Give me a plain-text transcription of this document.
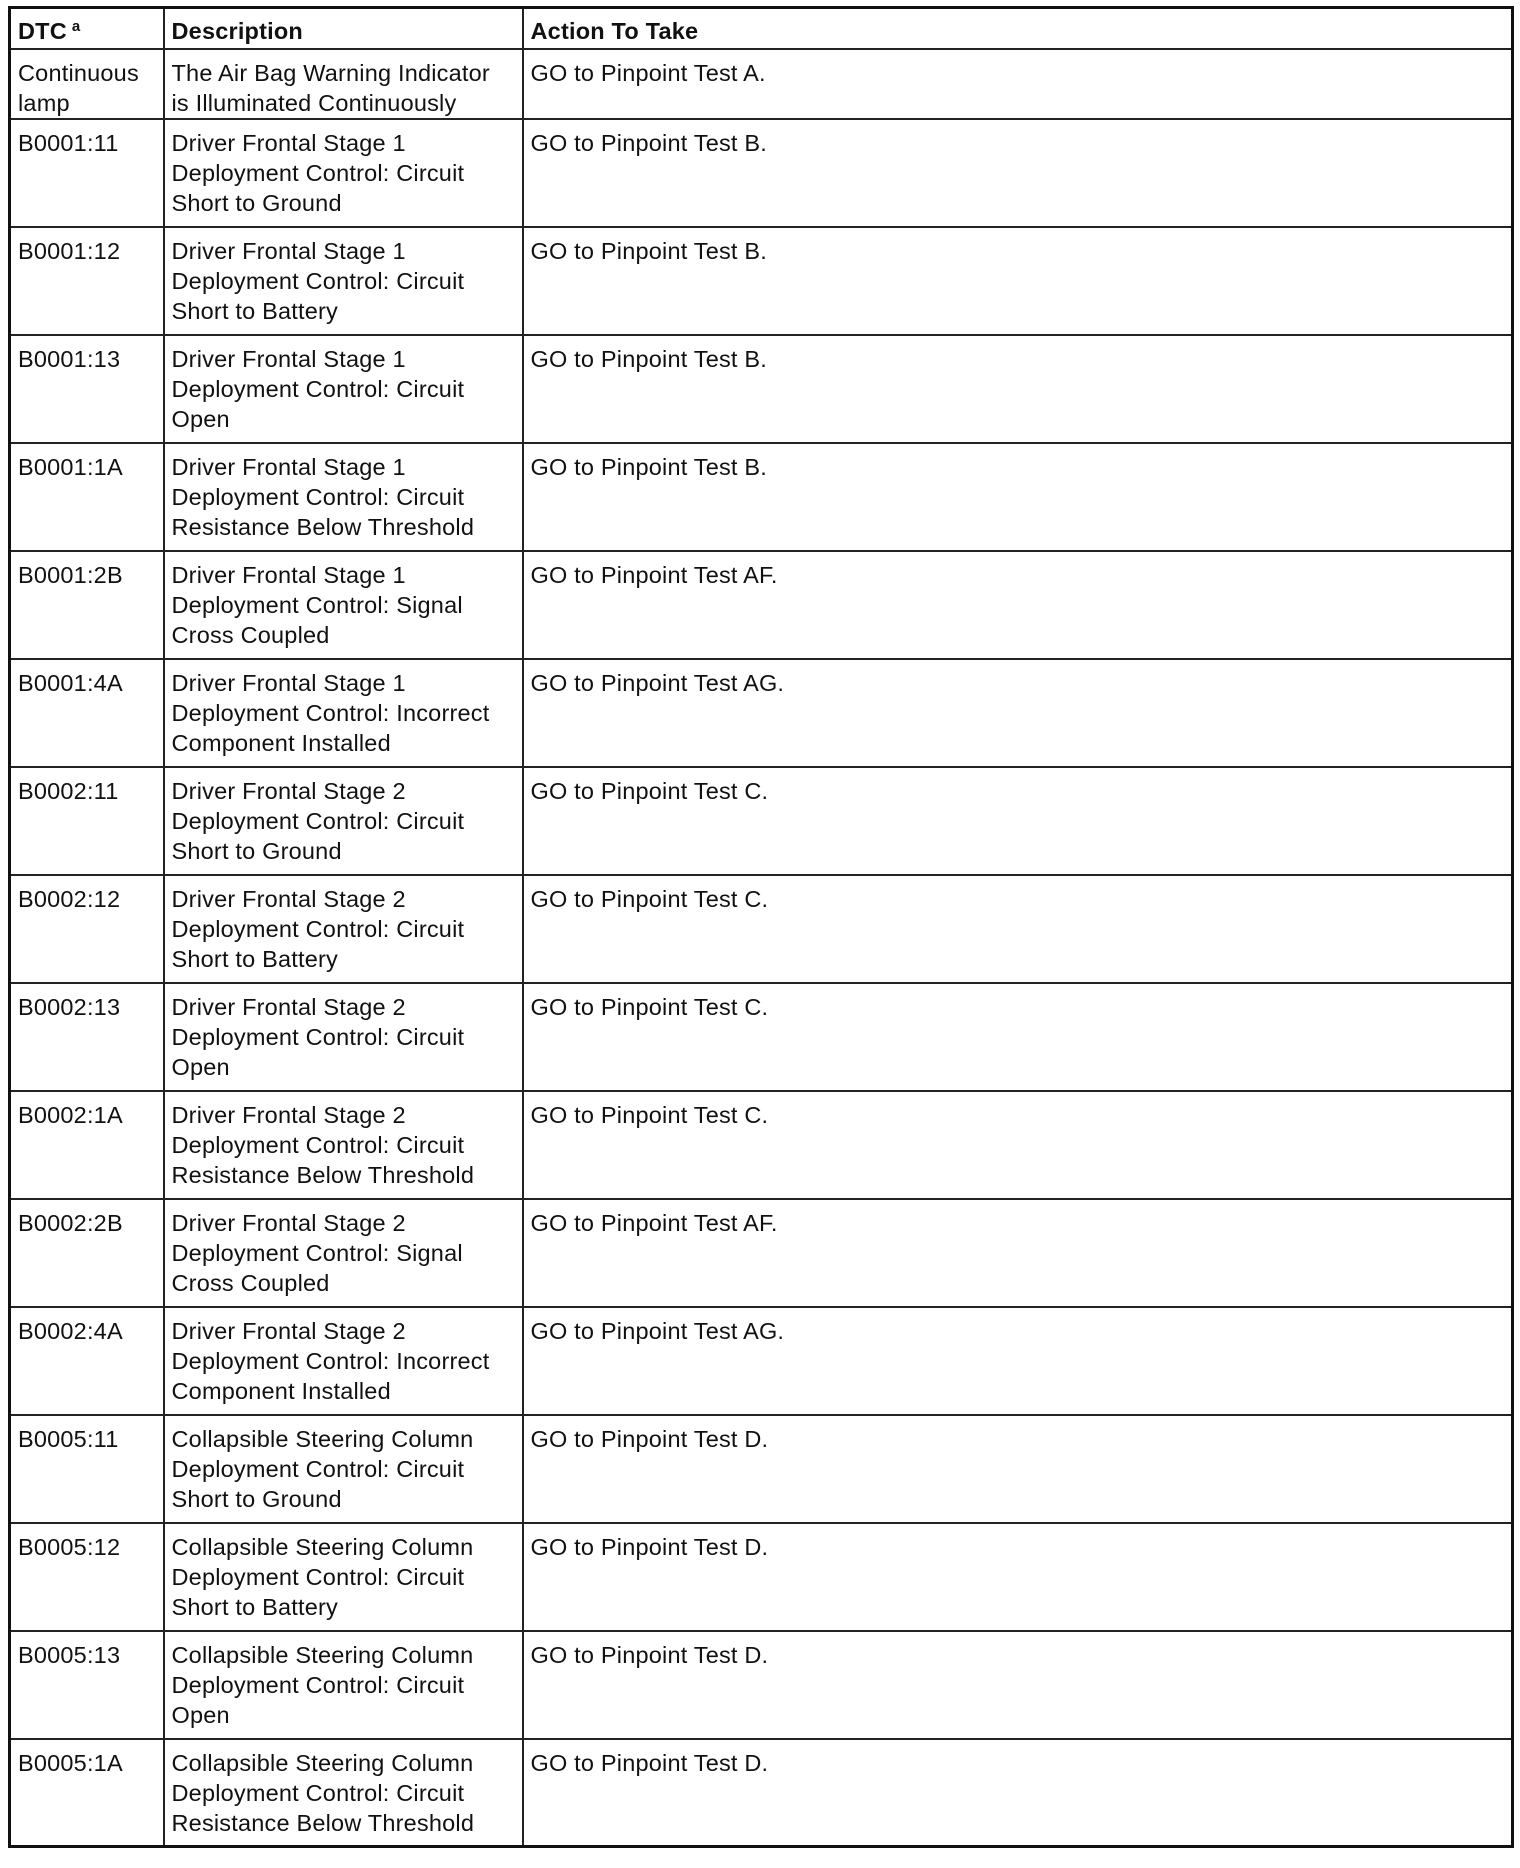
DTC $^a$	Description	Action To Take
Continuous lamp	The Air Bag Warning Indicator is Illuminated Continuously	GO to Pinpoint Test A.
B0001:11	Driver Frontal Stage 1 Deployment Control: Circuit Short to Ground	GO to Pinpoint Test B.
B0001:12	Driver Frontal Stage 1 Deployment Control: Circuit Short to Battery	GO to Pinpoint Test B.
B0001:13	Driver Frontal Stage 1 Deployment Control: Circuit Open	GO to Pinpoint Test B.
B0001:1A	Driver Frontal Stage 1 Deployment Control: Circuit Resistance Below Threshold	GO to Pinpoint Test B.
B0001:2B	Driver Frontal Stage 1 Deployment Control: Signal Cross Coupled	GO to Pinpoint Test AF.
B0001:4A	Driver Frontal Stage 1 Deployment Control: Incorrect Component Installed	GO to Pinpoint Test AG.
B0002:11	Driver Frontal Stage 2 Deployment Control: Circuit Short to Ground	GO to Pinpoint Test C.
B0002:12	Driver Frontal Stage 2 Deployment Control: Circuit Short to Battery	GO to Pinpoint Test C.
B0002:13	Driver Frontal Stage 2 Deployment Control: Circuit Open	GO to Pinpoint Test C.
B0002:1A	Driver Frontal Stage 2 Deployment Control: Circuit Resistance Below Threshold	GO to Pinpoint Test C.
B0002:2B	Driver Frontal Stage 2 Deployment Control: Signal Cross Coupled	GO to Pinpoint Test AF.
B0002:4A	Driver Frontal Stage 2 Deployment Control: Incorrect Component Installed	GO to Pinpoint Test AG.
B0005:11	Collapsible Steering Column Deployment Control: Circuit Short to Ground	GO to Pinpoint Test D.
B0005:12	Collapsible Steering Column Deployment Control: Circuit Short to Battery	GO to Pinpoint Test D.
B0005:13	Collapsible Steering Column Deployment Control: Circuit Open	GO to Pinpoint Test D.
B0005:1A	Collapsible Steering Column Deployment Control: Circuit Resistance Below Threshold	GO to Pinpoint Test D.
